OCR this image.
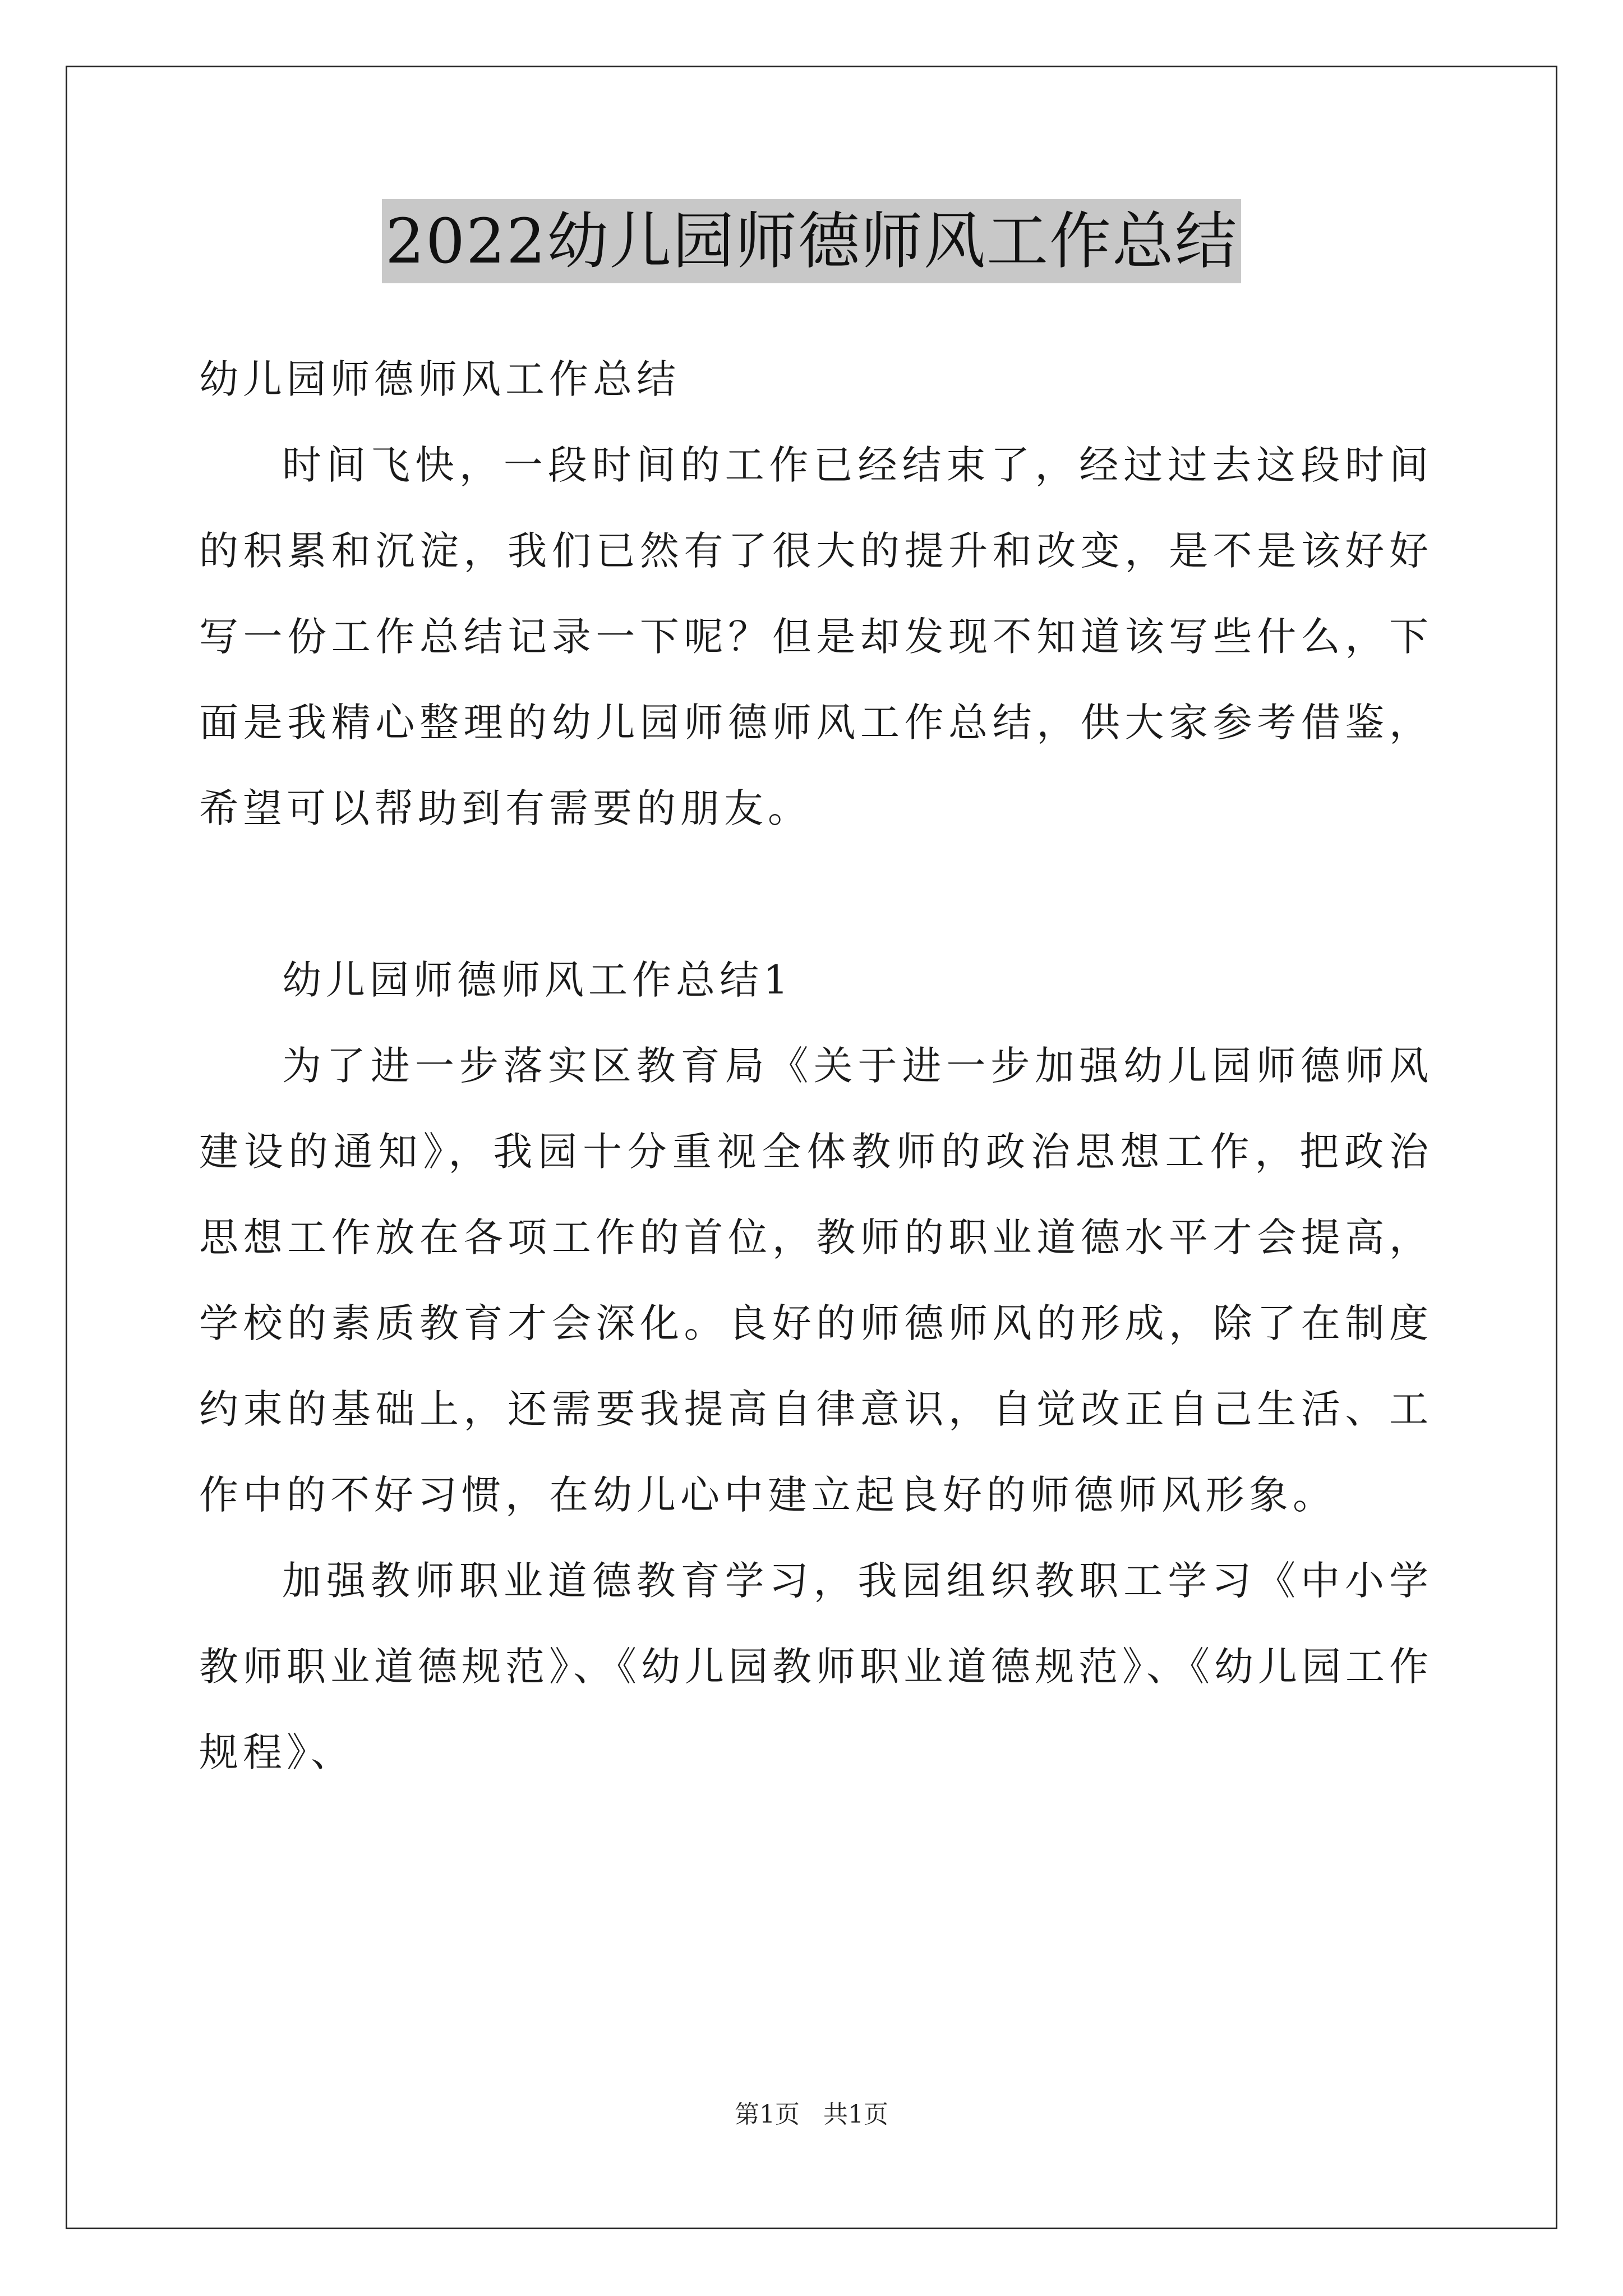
2022幼儿园师德师风工作总结

幼儿园师德师风工作总结

时间飞快，一段时间的工作已经结束了，经过过去这段时间的积累和沉淀，我们已然有了很大的提升和改变，是不是该好好写一份工作总结记录一下呢？但是却发现不知道该写些什么，下面是我精心整理的幼儿园师德师风工作总结，供大家参考借鉴，希望可以帮助到有需要的朋友。

幼儿园师德师风工作总结1

为了进一步落实区教育局《关于进一步加强幼儿园师德师风建设的通知》，我园十分重视全体教师的政治思想工作，把政治思想工作放在各项工作的首位，教师的职业道德水平才会提高，学校的素质教育才会深化。良好的师德师风的形成，除了在制度约束的基础上，还需要我提高自律意识，自觉改正自己生活、工作中的不好习惯，在幼儿心中建立起良好的师德师风形象。

加强教师职业道德教育学习，我园组织教职工学习《中小学教师职业道德规范》、《幼儿园教师职业道德规范》、《幼儿园工作规程》、

第1页 共1页
